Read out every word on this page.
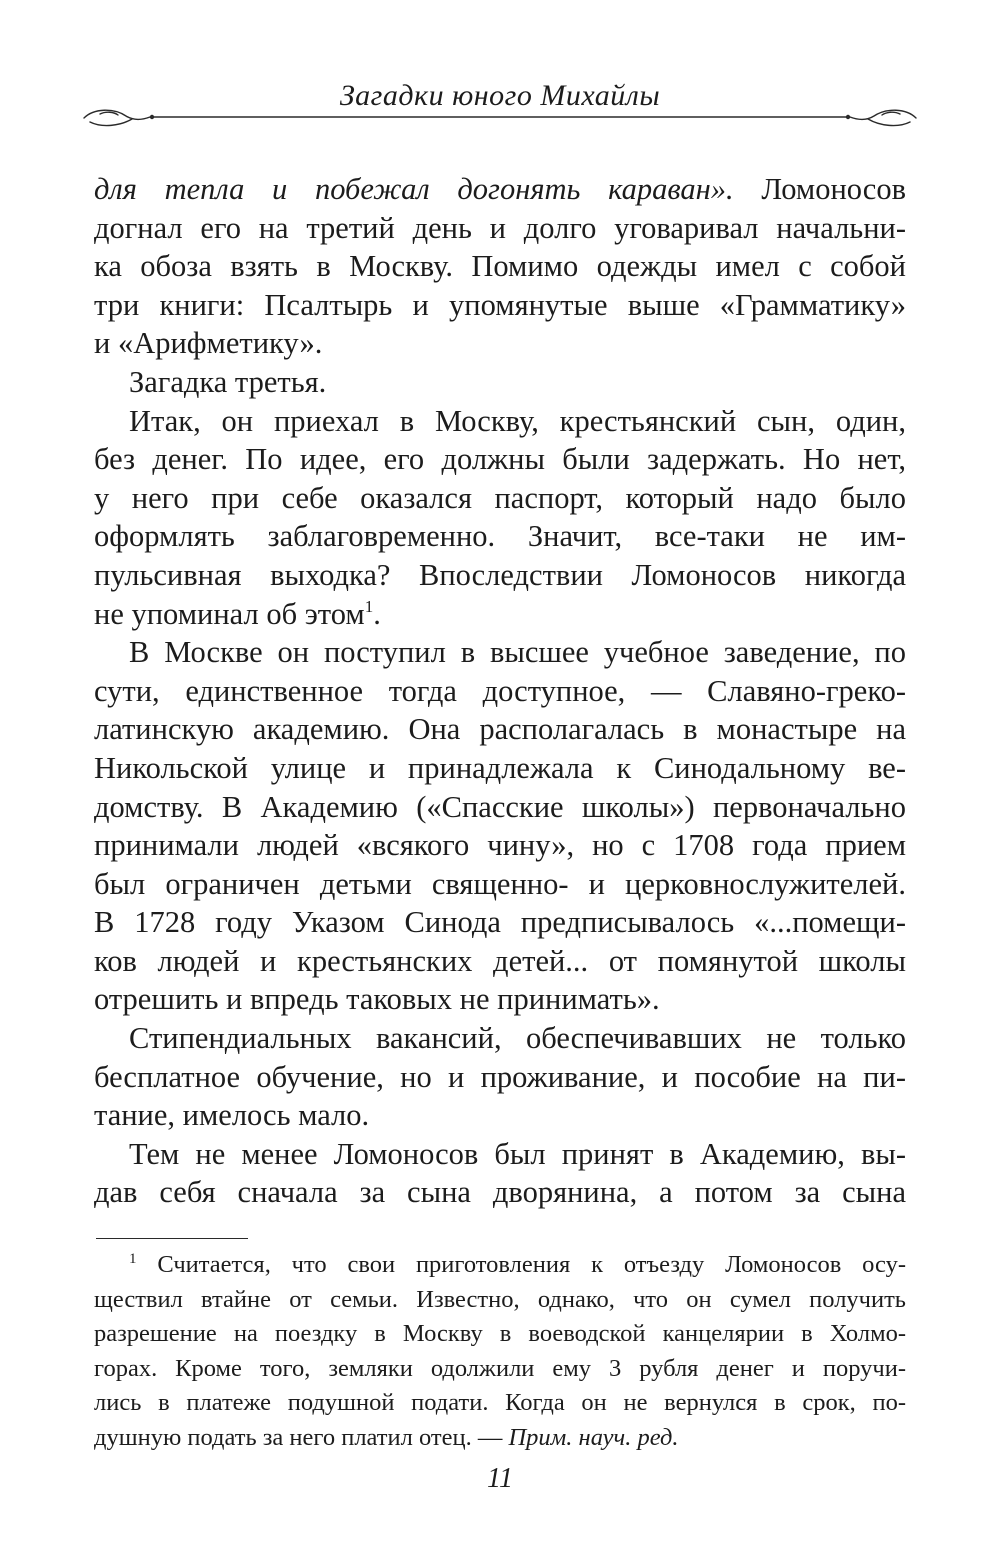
Загадки юного Михайлы
для тепла и побежал догонять караван». Ломоносов
догнал его на третий день и долго уговаривал начальни-
ка обоза взять в Москву. Помимо одежды имел с собой
три книги: Псалтырь и упомянутые выше «Грамматику»
и «Арифметику».
Загадка третья.
Итак, он приехал в Москву, крестьянский сын, один,
без денег. По идее, его должны были задержать. Но нет,
у него при себе оказался паспорт, который надо было
оформлять заблаговременно. Значит, все-таки не им-
пульсивная выходка? Впоследствии Ломоносов никогда
не упоминал об этом$^1$.
В Москве он поступил в высшее учебное заведение, по
сути, единственное тогда доступное, — Славяно-греко-
латинскую академию. Она располагалась в монастыре на
Никольской улице и принадлежала к Синодальному ве-
домству. В Академию («Спасские школы») первоначально
принимали людей «всякого чину», но с 1708 года прием
был ограничен детьми священно- и церковнослужителей.
В 1728 году Указом Синода предписывалось «...помещи-
ков людей и крестьянских детей... от помянутой школы
отрешить и впредь таковых не принимать».
Стипендиальных вакансий, обеспечивавших не только
бесплатное обучение, но и проживание, и пособие на пи-
тание, имелось мало.
Тем не менее Ломоносов был принят в Академию, вы-
дав себя сначала за сына дворянина, а потом за сына
$^1$ Считается, что свои приготовления к отъезду Ломоносов осу-
ществил втайне от семьи. Известно, однако, что он сумел получить
разрешение на поездку в Москву в воеводской канцелярии в Холмо-
горах. Кроме того, земляки одолжили ему 3 рубля денег и поручи-
лись в платеже подушной подати. Когда он не вернулся в срок, по-
душную подать за него платил отец. — Прим. науч. ред.
11
